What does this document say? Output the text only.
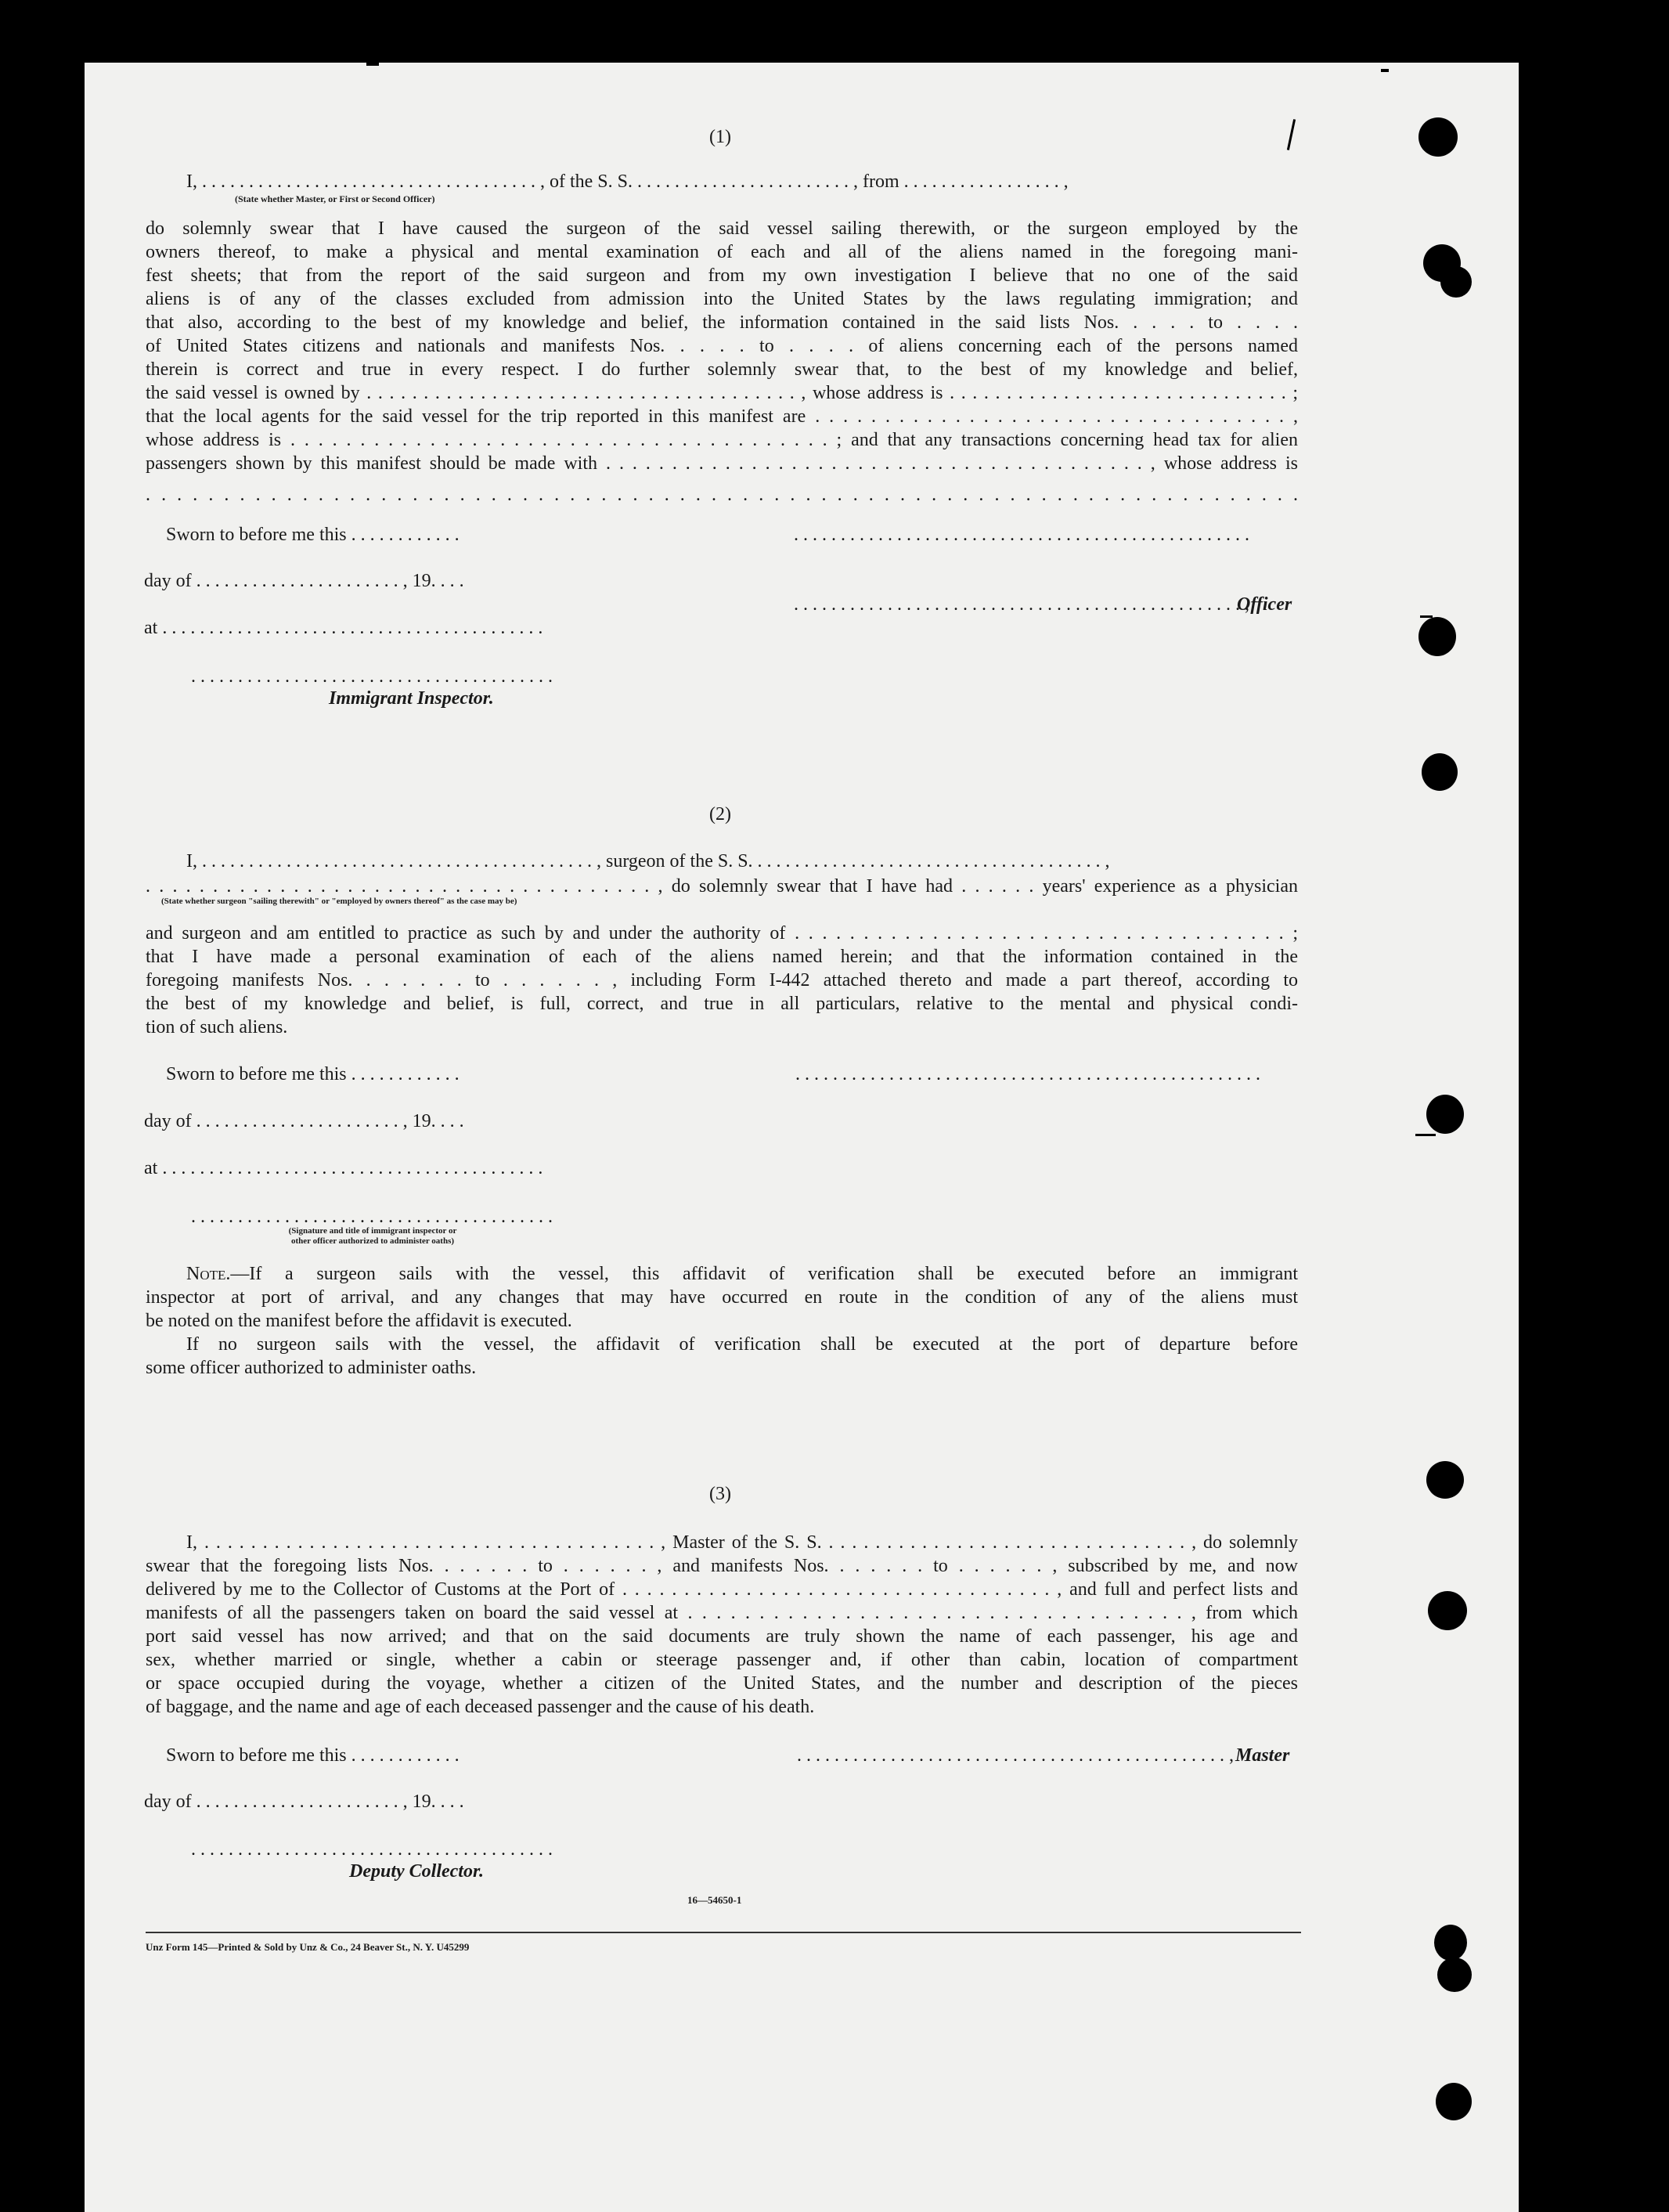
(1)
I, . . . . . . . . . . . . . . . . . . . . . . . . . . . . . . . . . . . . , of the S. S. . . . . . . . . . . . . . . . . . . . . . . . , from . . . . . . . . . . . . . . . . . ,
(State whether Master, or First or Second Officer)
do solemnly swear that I have caused the surgeon of the said vessel sailing therewith, or the surgeon employed by the
owners thereof, to make a physical and mental examination of each and all of the aliens named in the foregoing mani-
fest sheets; that from the report of the said surgeon and from my own investigation I believe that no one of the said
aliens is of any of the classes excluded from admission into the United States by the laws regulating immigration; and
that also, according to the best of my knowledge and belief, the information contained in the said lists Nos. . . . . to . . . .
of United States citizens and nationals and manifests Nos. . . . . to . . . . of aliens concerning each of the persons named
therein is correct and true in every respect. I do further solemnly swear that, to the best of my knowledge and belief,
the said vessel is owned by . . . . . . . . . . . . . . . . . . . . . . . . . . . . . . . . . . . . . . , whose address is . . . . . . . . . . . . . . . . . . . . . . . . . . . . . . ;
that the local agents for the said vessel for the trip reported in this manifest are . . . . . . . . . . . . . . . . . . . . . . . . . . . . . . . . . . ,
whose address is . . . . . . . . . . . . . . . . . . . . . . . . . . . . . . . . . . . . . . . ; and that any transactions concerning head tax for alien
passengers shown by this manifest should be made with . . . . . . . . . . . . . . . . . . . . . . . . . . . . . . . . . . . . . . . . . , whose address is
. . . . . . . . . . . . . . . . . . . . . . . . . . . . . . . . . . . . . . . . . . . . . . . . . . . . . . . . . . . . . . . . . . . . . . . . . .
Sworn to before me this . . . . . . . . . . . .	. . . . . . . . . . . . . . . . . . . . . . . . . . . . . . . . . . . . . . . . . . . . . . . . .
day of . . . . . . . . . . . . . . . . . . . . . . , 19. . . .
. . . . . . . . . . . . . . . . . . . . . . . . . . . . . . . . . . . . . . . . . . . . . . . . ,
Officer
at . . . . . . . . . . . . . . . . . . . . . . . . . . . . . . . . . . . . . . . . .
. . . . . . . . . . . . . . . . . . . . . . . . . . . . . . . . . . . . . . .
Immigrant Inspector.
(2)
I, . . . . . . . . . . . . . . . . . . . . . . . . . . . . . . . . . . . . . . . . . . , surgeon of the S. S. . . . . . . . . . . . . . . . . . . . . . . . . . . . . . . . . . . . . . ,
. . . . . . . . . . . . . . . . . . . . . . . . . . . . . . . . . . . . . . , do solemnly swear that I have had . . . . . . years' experience as a physician
(State whether surgeon "sailing therewith" or "employed by owners thereof" as the case may be)
and surgeon and am entitled to practice as such by and under the authority of . . . . . . . . . . . . . . . . . . . . . . . . . . . . . . . . . . . . ;
that I have made a personal examination of each of the aliens named herein; and that the information contained in the
foregoing manifests Nos. . . . . . . to . . . . . . , including Form I-442 attached thereto and made a part thereof, according to
the best of my knowledge and belief, is full, correct, and true in all particulars, relative to the mental and physical condi-
tion of such aliens.
Sworn to before me this . . . . . . . . . . . .	. . . . . . . . . . . . . . . . . . . . . . . . . . . . . . . . . . . . . . . . . . . . . . . . . .
day of . . . . . . . . . . . . . . . . . . . . . . , 19. . . .
at . . . . . . . . . . . . . . . . . . . . . . . . . . . . . . . . . . . . . . . . .
. . . . . . . . . . . . . . . . . . . . . . . . . . . . . . . . . . . . . . .
(Signature and title of immigrant inspector or
other officer authorized to administer oaths)
Note.—If a surgeon sails with the vessel, this affidavit of verification shall be executed before an immigrant
inspector at port of arrival, and any changes that may have occurred en route in the condition of any of the aliens must
be noted on the manifest before the affidavit is executed.
If no surgeon sails with the vessel, the affidavit of verification shall be executed at the port of departure before
some officer authorized to administer oaths.
(3)
I, . . . . . . . . . . . . . . . . . . . . . . . . . . . . . . . . . . . . . . . , Master of the S. S. . . . . . . . . . . . . . . . . . . . . . . . . . . . . . . . , do solemnly
swear that the foregoing lists Nos. . . . . . . to . . . . . . , and manifests Nos. . . . . . . to . . . . . . , subscribed by me, and now
delivered by me to the Collector of Customs at the Port of . . . . . . . . . . . . . . . . . . . . . . . . . . . . . . . . . . . , and full and perfect lists and
manifests of all the passengers taken on board the said vessel at . . . . . . . . . . . . . . . . . . . . . . . . . . . . . . . . . . . , from which
port said vessel has now arrived; and that on the said documents are truly shown the name of each passenger, his age and
sex, whether married or single, whether a cabin or steerage passenger and, if other than cabin, location of compartment
or space occupied during the voyage, whether a citizen of the United States, and the number and description of the pieces
of baggage, and the name and age of each deceased passenger and the cause of his death.
Sworn to before me this . . . . . . . . . . . .	. . . . . . . . . . . . . . . . . . . . . . . . . . . . . . . . . . . . . . . . . . . . . . , Master
day of . . . . . . . . . . . . . . . . . . . . . . , 19. . . .
. . . . . . . . . . . . . . . . . . . . . . . . . . . . . . . . . . . . . . .
Deputy Collector.
16—54650-1
Unz Form 145—Printed & Sold by Unz & Co., 24 Beaver St., N. Y. U45299
